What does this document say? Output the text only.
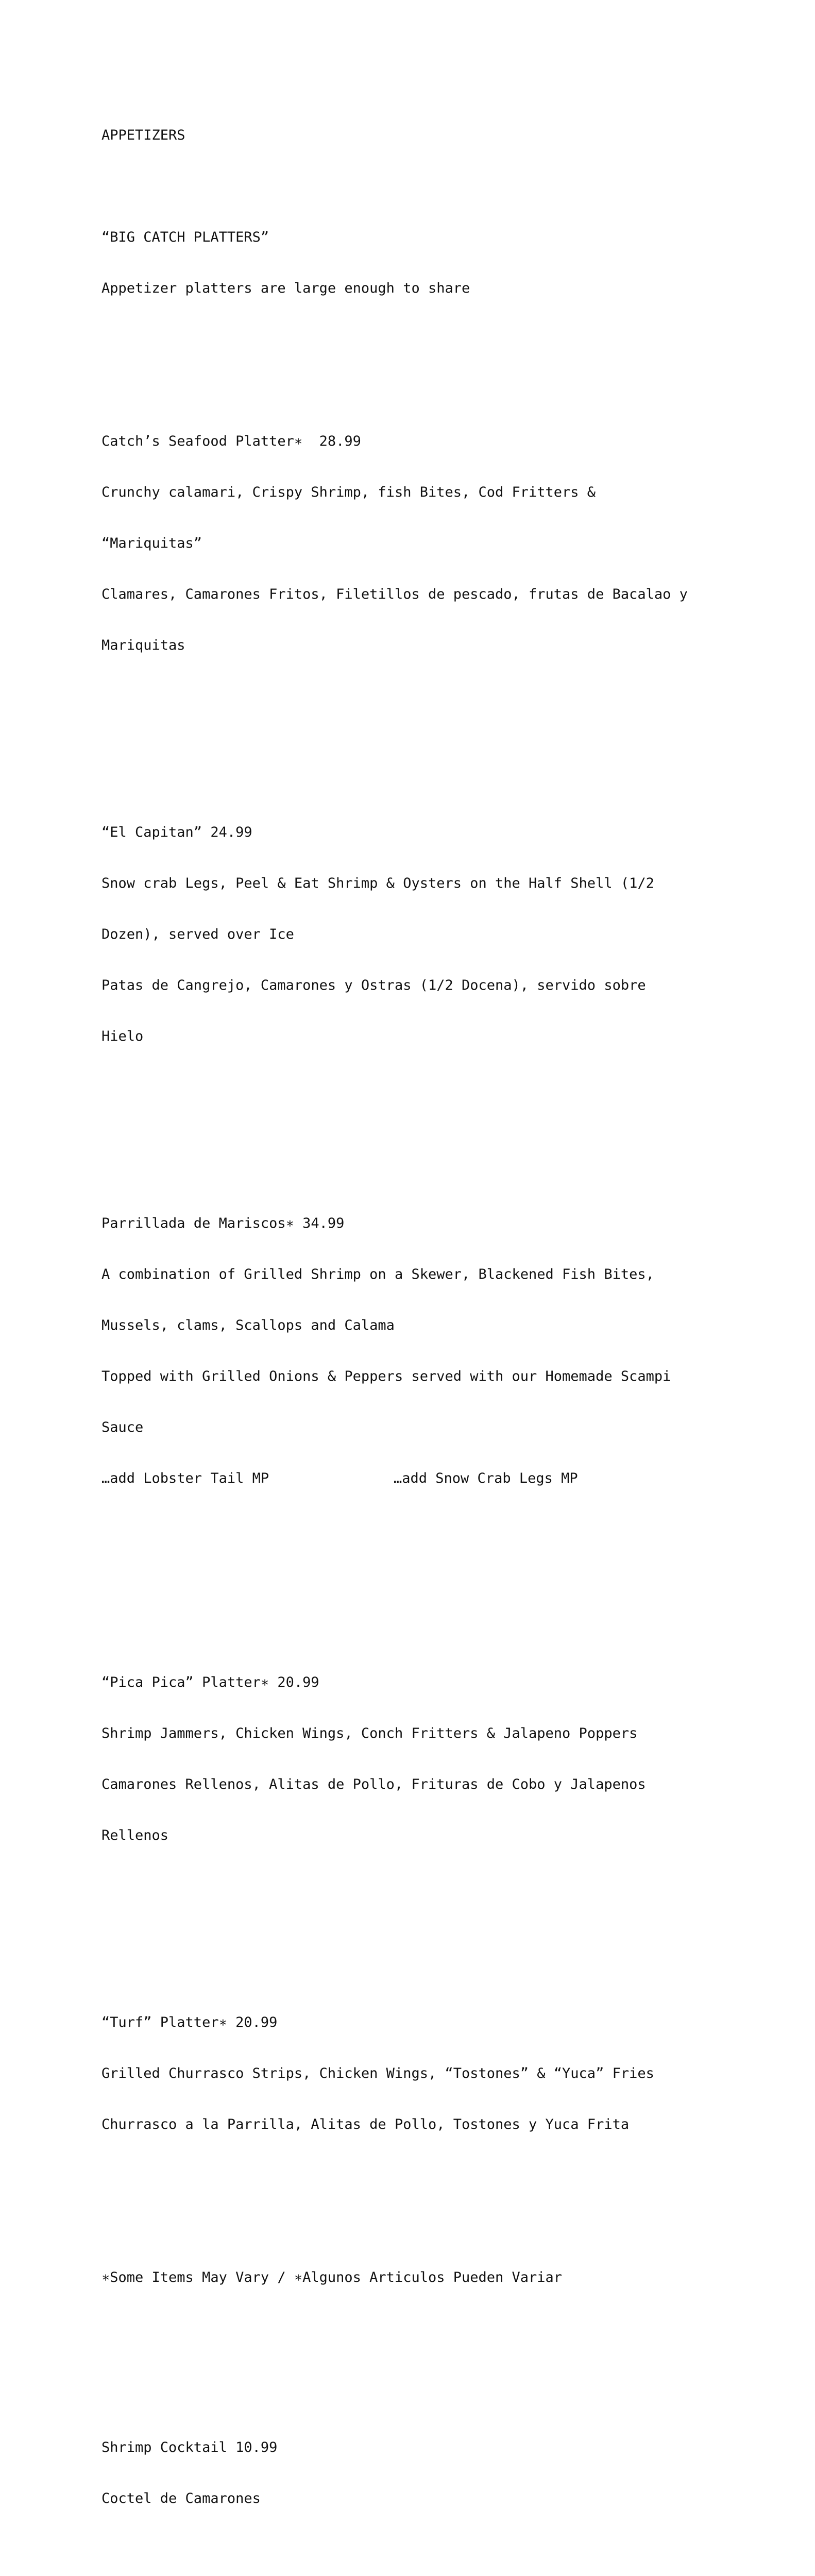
APPETIZERS

“BIG CATCH PLATTERS”

Appetizer platters are large enough to share

Catch’s Seafood Platter∗  28.99

Crunchy calamari, Crispy Shrimp, fish Bites, Cod Fritters &

“Mariquitas”

Clamares, Camarones Fritos, Filetillos de pescado, frutas de Bacalao y

Mariquitas

“El Capitan” 24.99

Snow crab Legs, Peel & Eat Shrimp & Oysters on the Half Shell (1/2

Dozen), served over Ice

Patas de Cangrejo, Camarones y Ostras (1/2 Docena), servido sobre

Hielo

Parrillada de Mariscos∗ 34.99

A combination of Grilled Shrimp on a Skewer, Blackened Fish Bites,

Mussels, clams, Scallops and Calama

Topped with Grilled Onions & Peppers served with our Homemade Scampi

Sauce

…add Lobster Tail MP	…add Snow Crab Legs MP

“Pica Pica” Platter∗ 20.99

Shrimp Jammers, Chicken Wings, Conch Fritters & Jalapeno Poppers

Camarones Rellenos, Alitas de Pollo, Frituras de Cobo y Jalapenos

Rellenos

“Turf” Platter∗ 20.99

Grilled Churrasco Strips, Chicken Wings, “Tostones” & “Yuca” Fries

Churrasco a la Parrilla, Alitas de Pollo, Tostones y Yuca Frita

∗Some Items May Vary / ∗Algunos Articulos Pueden Variar

Shrimp Cocktail 10.99

Coctel de Camarones
